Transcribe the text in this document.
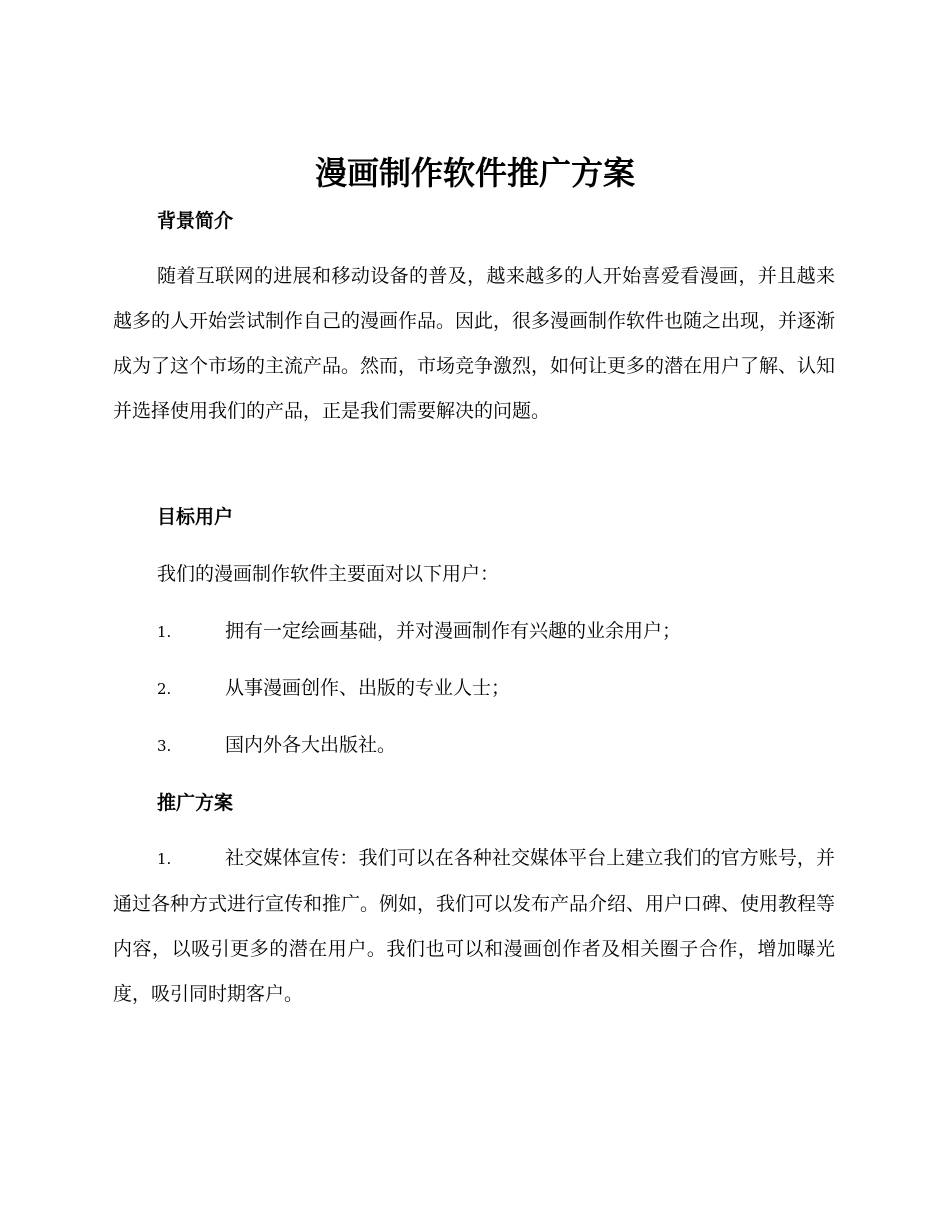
漫画制作软件推广方案
背景简介

随着互联网的进展和移动设备的普及，越来越多的人开始喜爱看漫画，并且越来越多的人开始尝试制作自己的漫画作品。因此，很多漫画制作软件也随之出现，并逐渐成为了这个市场的主流产品。然而，市场竞争激烈，如何让更多的潜在用户了解、认知并选择使用我们的产品，正是我们需要解决的问题。

目标用户

我们的漫画制作软件主要面对以下用户：

1.	拥有一定绘画基础，并对漫画制作有兴趣的业余用户；
2.	从事漫画创作、出版的专业人士；
3.	国内外各大出版社。
推广方案

1.	社交媒体宣传：我们可以在各种社交媒体平台上建立我们的官方账号，并通过各种方式进行宣传和推广。例如，我们可以发布产品介绍、用户口碑、使用教程等内容，以吸引更多的潜在用户。我们也可以和漫画创作者及相关圈子合作，增加曝光度，吸引同时期客户。
